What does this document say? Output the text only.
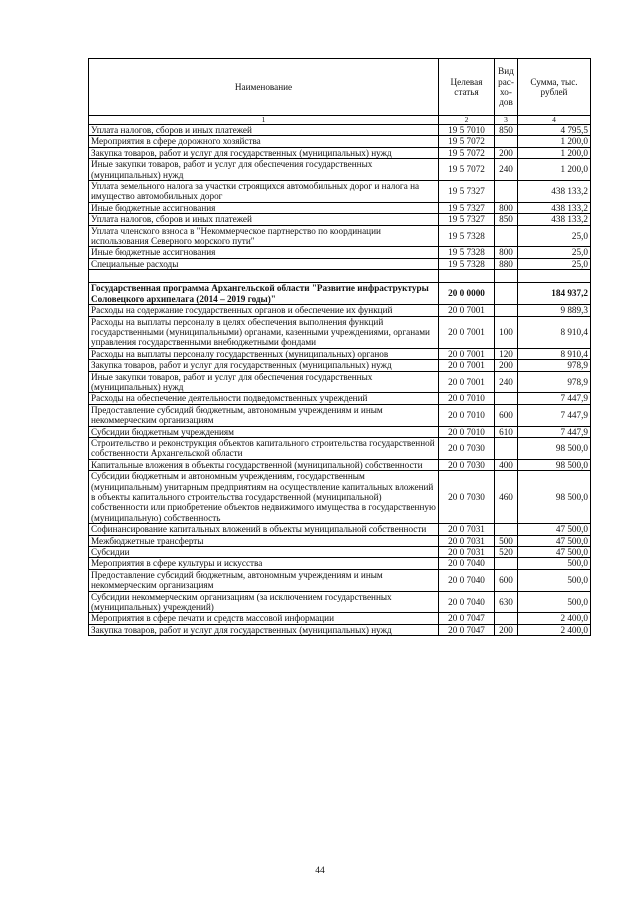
Наименование	Целевая статья	Вид рас- хо- дов	Сумма, тыс. рублей
1	2	3	4
Уплата налогов, сборов и иных платежей	19 5 7010	850	4 795,5
Мероприятия в сфере дорожного хозяйства	19 5 7072		1 200,0
Закупка товаров, работ и услуг для государственных (муниципальных) нужд	19 5 7072	200	1 200,0
Иные закупки товаров, работ и услуг для обеспечения государственных (муниципальных) нужд	19 5 7072	240	1 200,0
Уплата земельного налога за участки строящихся автомобильных дорог и налога на имущество автомобильных дорог	19 5 7327		438 133,2
Иные бюджетные ассигнования	19 5 7327	800	438 133,2
Уплата налогов, сборов и иных платежей	19 5 7327	850	438 133,2
Уплата членского взноса в "Некоммерческое партнерство по координации использования Северного морского пути"	19 5 7328		25,0
Иные бюджетные ассигнования	19 5 7328	800	25,0
Специальные расходы	19 5 7328	880	25,0

Государственная программа Архангельской области "Развитие инфраструктуры Соловецкого архипелага (2014 – 2019 годы)"	20 0 0000		184 937,2
Расходы на содержание государственных органов и обеспечение их функций	20 0 7001		9 889,3
Расходы на выплаты персоналу в целях обеспечения выполнения функций государственными (муниципальными) органами, казенными учреждениями, органами управления государственными внебюджетными фондами	20 0 7001	100	8 910,4
Расходы на выплаты персоналу государственных (муниципальных) органов	20 0 7001	120	8 910,4
Закупка товаров, работ и услуг для государственных (муниципальных) нужд	20 0 7001	200	978,9
Иные закупки товаров, работ и услуг для обеспечения государственных (муниципальных) нужд	20 0 7001	240	978,9
Расходы на обеспечение деятельности подведомственных учреждений	20 0 7010		7 447,9
Предоставление субсидий бюджетным, автономным учреждениям и иным некоммерческим организациям	20 0 7010	600	7 447,9
Субсидии бюджетным учреждениям	20 0 7010	610	7 447,9
Строительство и реконструкция объектов капитального строительства государственной собственности Архангельской области	20 0 7030		98 500,0
Капитальные вложения в объекты государственной (муниципальной) собственности	20 0 7030	400	98 500,0
Субсидии бюджетным и автономным учреждениям, государственным (муниципальным) унитарным предприятиям на осуществление капитальных вложений в объекты капитального строительства государственной (муниципальной) собственности или приобретение объектов недвижимого имущества в государственную (муниципальную) собственность	20 0 7030	460	98 500,0
Софинансирование капитальных вложений в объекты муниципальной собственности	20 0 7031		47 500,0
Межбюджетные трансферты	20 0 7031	500	47 500,0
Субсидии	20 0 7031	520	47 500,0
Мероприятия в сфере культуры и искусства	20 0 7040		500,0
Предоставление субсидий бюджетным, автономным учреждениям и иным некоммерческим организациям	20 0 7040	600	500,0
Субсидии некоммерческим организациям (за исключением государственных (муниципальных) учреждений)	20 0 7040	630	500,0
Мероприятия в сфере печати и средств массовой информации	20 0 7047		2 400,0
Закупка товаров, работ и услуг для государственных (муниципальных) нужд	20 0 7047	200	2 400,0
44
